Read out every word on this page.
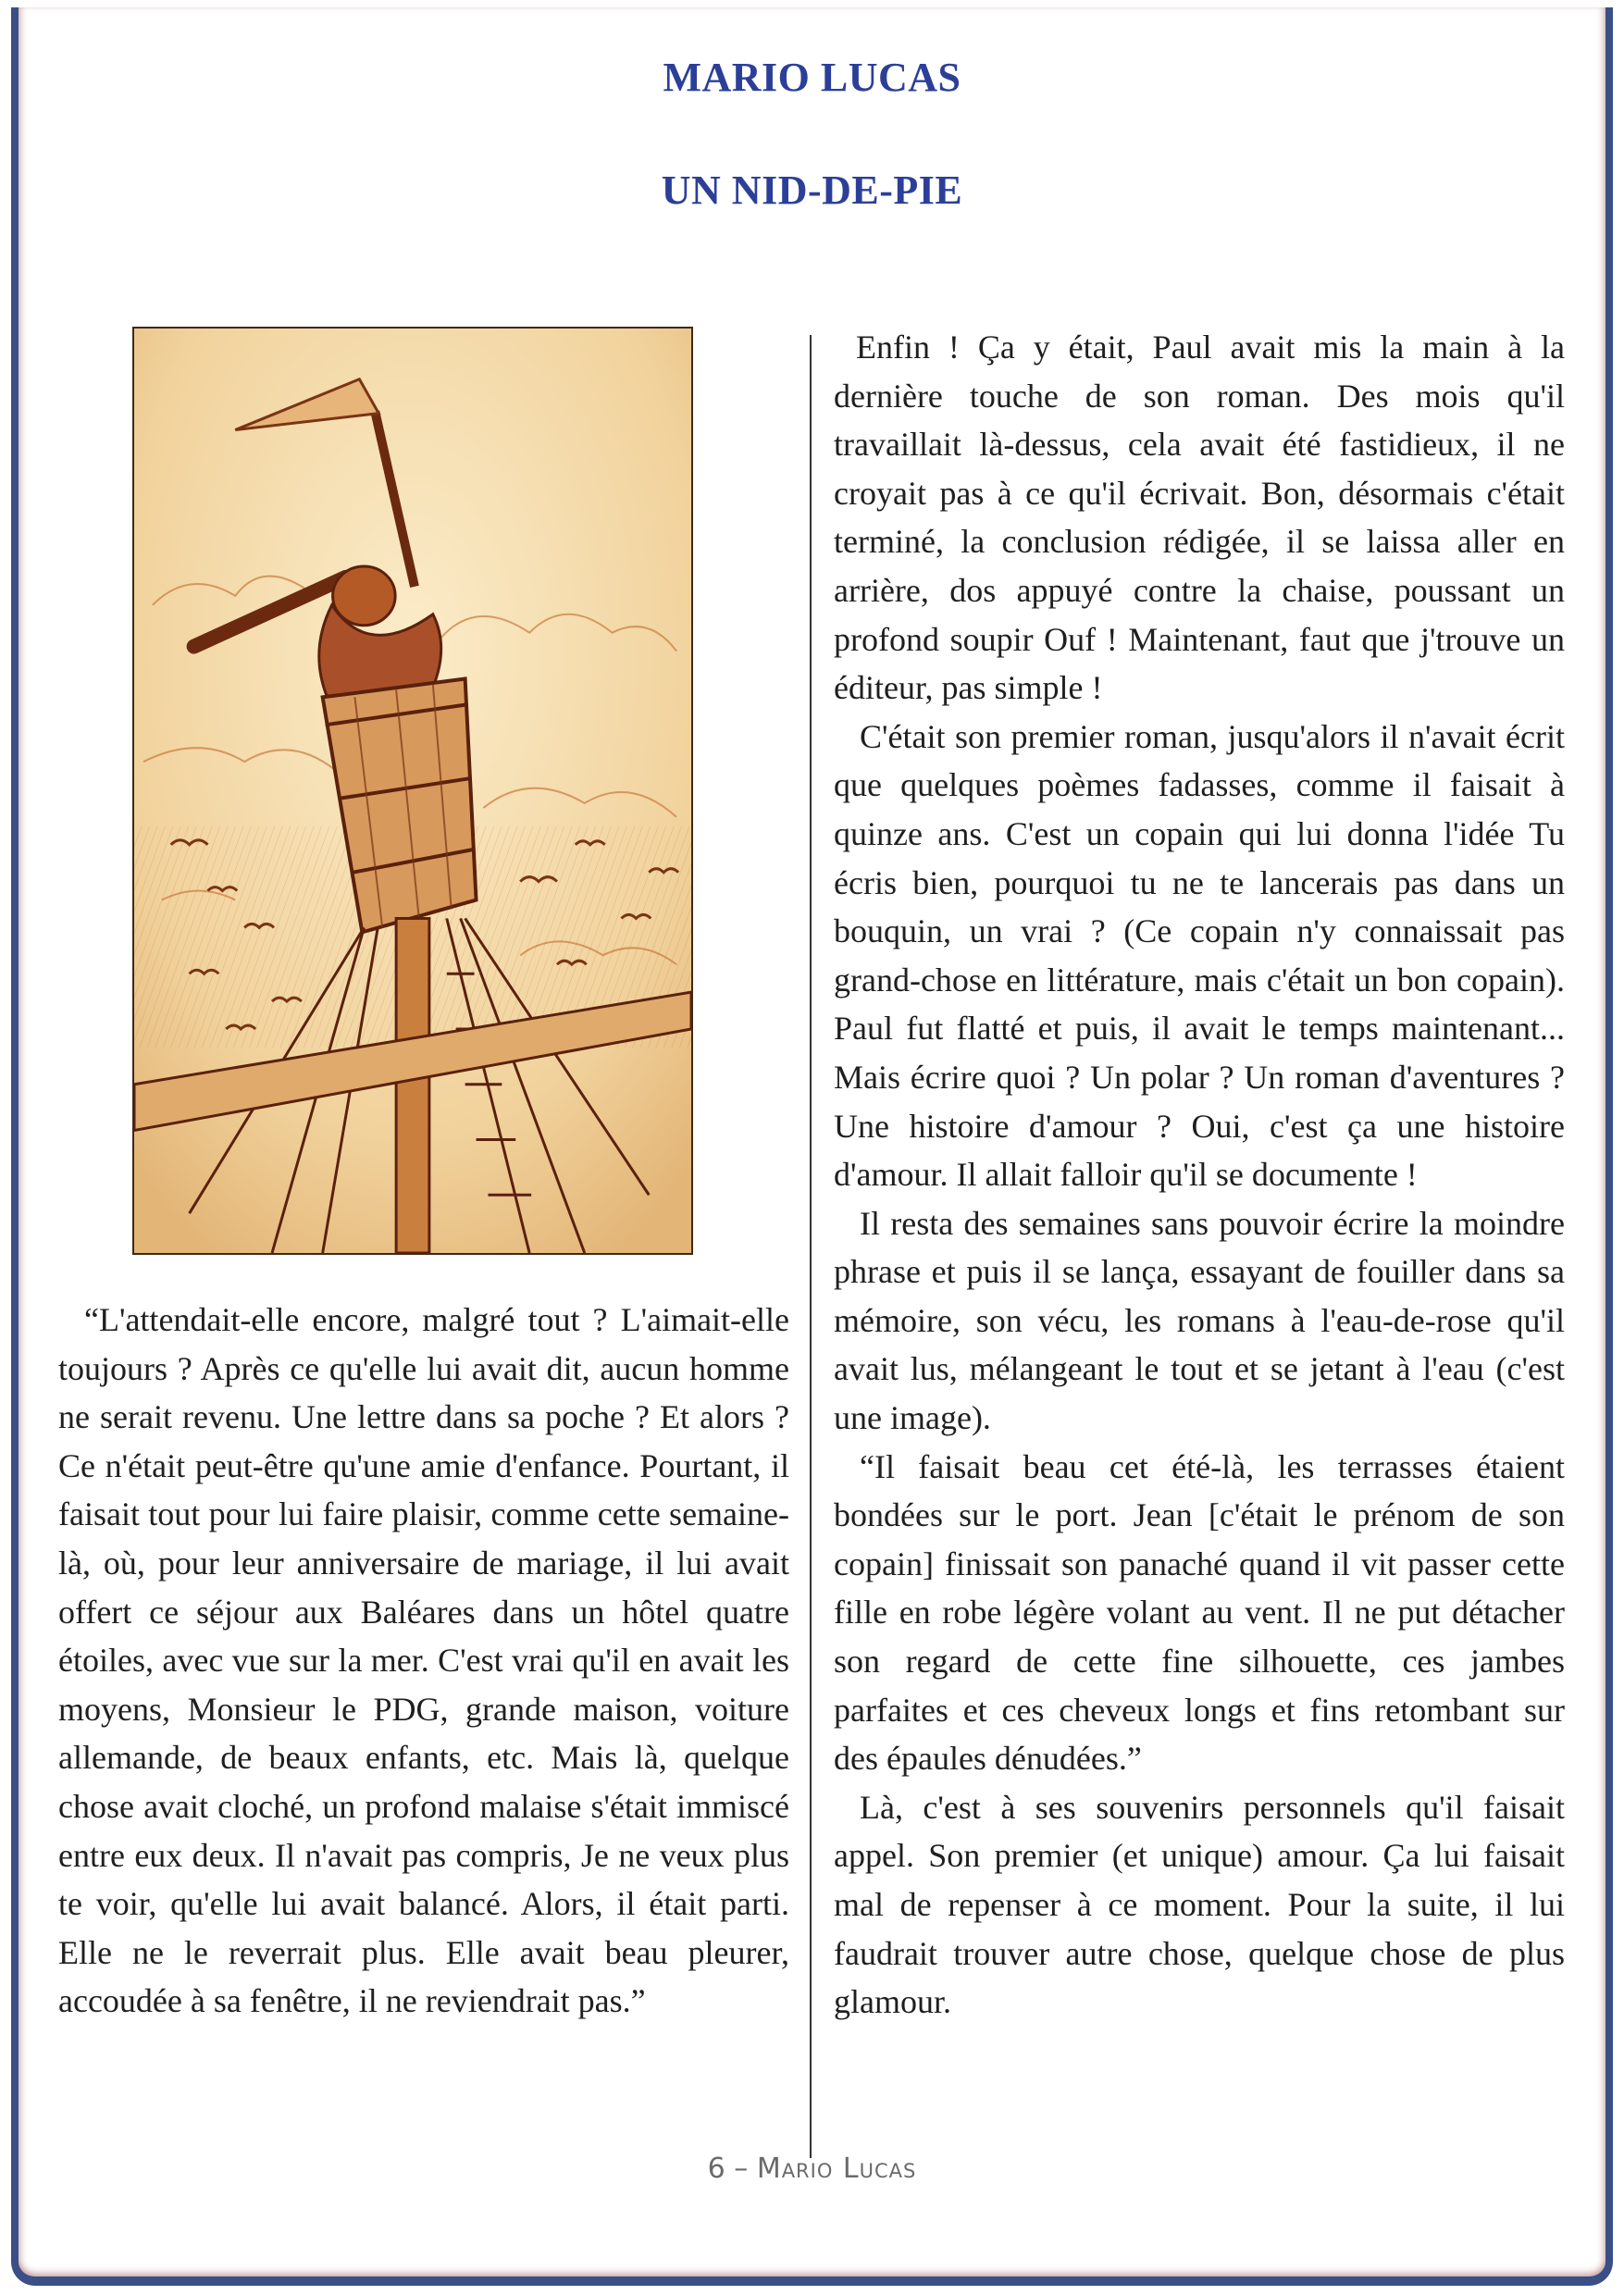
MARIO LUCAS
UN NID-DE-PIE

“L'attendait-elle encore, malgré tout ? L'aimait-elle toujours ? Après ce qu'elle lui avait dit, aucun homme ne serait revenu. Une lettre dans sa poche ? Et alors ? Ce n'était peut-être qu'une amie d'enfance. Pourtant, il faisait tout pour lui faire plaisir, comme cette semaine-là, où, pour leur anniversaire de mariage, il lui avait offert ce séjour aux Baléares dans un hôtel quatre étoiles, avec vue sur la mer. C'est vrai qu'il en avait les moyens, Monsieur le PDG, grande maison, voiture allemande, de beaux enfants, etc. Mais là, quelque chose avait cloché, un profond malaise s'était immiscé entre eux deux. Il n'avait pas compris, Je ne veux plus te voir, qu'elle lui avait balancé. Alors, il était parti. Elle ne le reverrait plus. Elle avait beau pleurer, accoudée à sa fenêtre, il ne reviendrait pas.”

Enfin ! Ça y était, Paul avait mis la main à la dernière touche de son roman. Des mois qu'il travaillait là-dessus, cela avait été fastidieux, il ne croyait pas à ce qu'il écrivait. Bon, désormais c'était terminé, la conclusion rédigée, il se laissa aller en arrière, dos appuyé contre la chaise, poussant un profond soupir Ouf ! Maintenant, faut que j'trouve un éditeur, pas simple !

C'était son premier roman, jusqu'alors il n'avait écrit que quelques poèmes fadasses, comme il faisait à quinze ans. C'est un copain qui lui donna l'idée Tu écris bien, pourquoi tu ne te lancerais pas dans un bouquin, un vrai ? (Ce copain n'y connaissait pas grand-chose en littérature, mais c'était un bon copain). Paul fut flatté et puis, il avait le temps maintenant... Mais écrire quoi ? Un polar ? Un roman d'aventures ? Une histoire d'amour ? Oui, c'est ça une histoire d'amour. Il allait falloir qu'il se documente !

Il resta des semaines sans pouvoir écrire la moindre phrase et puis il se lança, essayant de fouiller dans sa mémoire, son vécu, les romans à l'eau-de-rose qu'il avait lus, mélangeant le tout et se jetant à l'eau (c'est une image).

“Il faisait beau cet été-là, les terrasses étaient bondées sur le port. Jean [c'était le prénom de son copain] finissait son panaché quand il vit passer cette fille en robe légère volant au vent. Il ne put détacher son regard de cette fine silhouette, ces jambes parfaites et ces cheveux longs et fins retombant sur des épaules dénudées.”

Là, c'est à ses souvenirs personnels qu'il faisait appel. Son premier (et unique) amour. Ça lui faisait mal de repenser à ce moment. Pour la suite, il lui faudrait trouver autre chose, quelque chose de plus glamour.

6 – Mario Lucas
